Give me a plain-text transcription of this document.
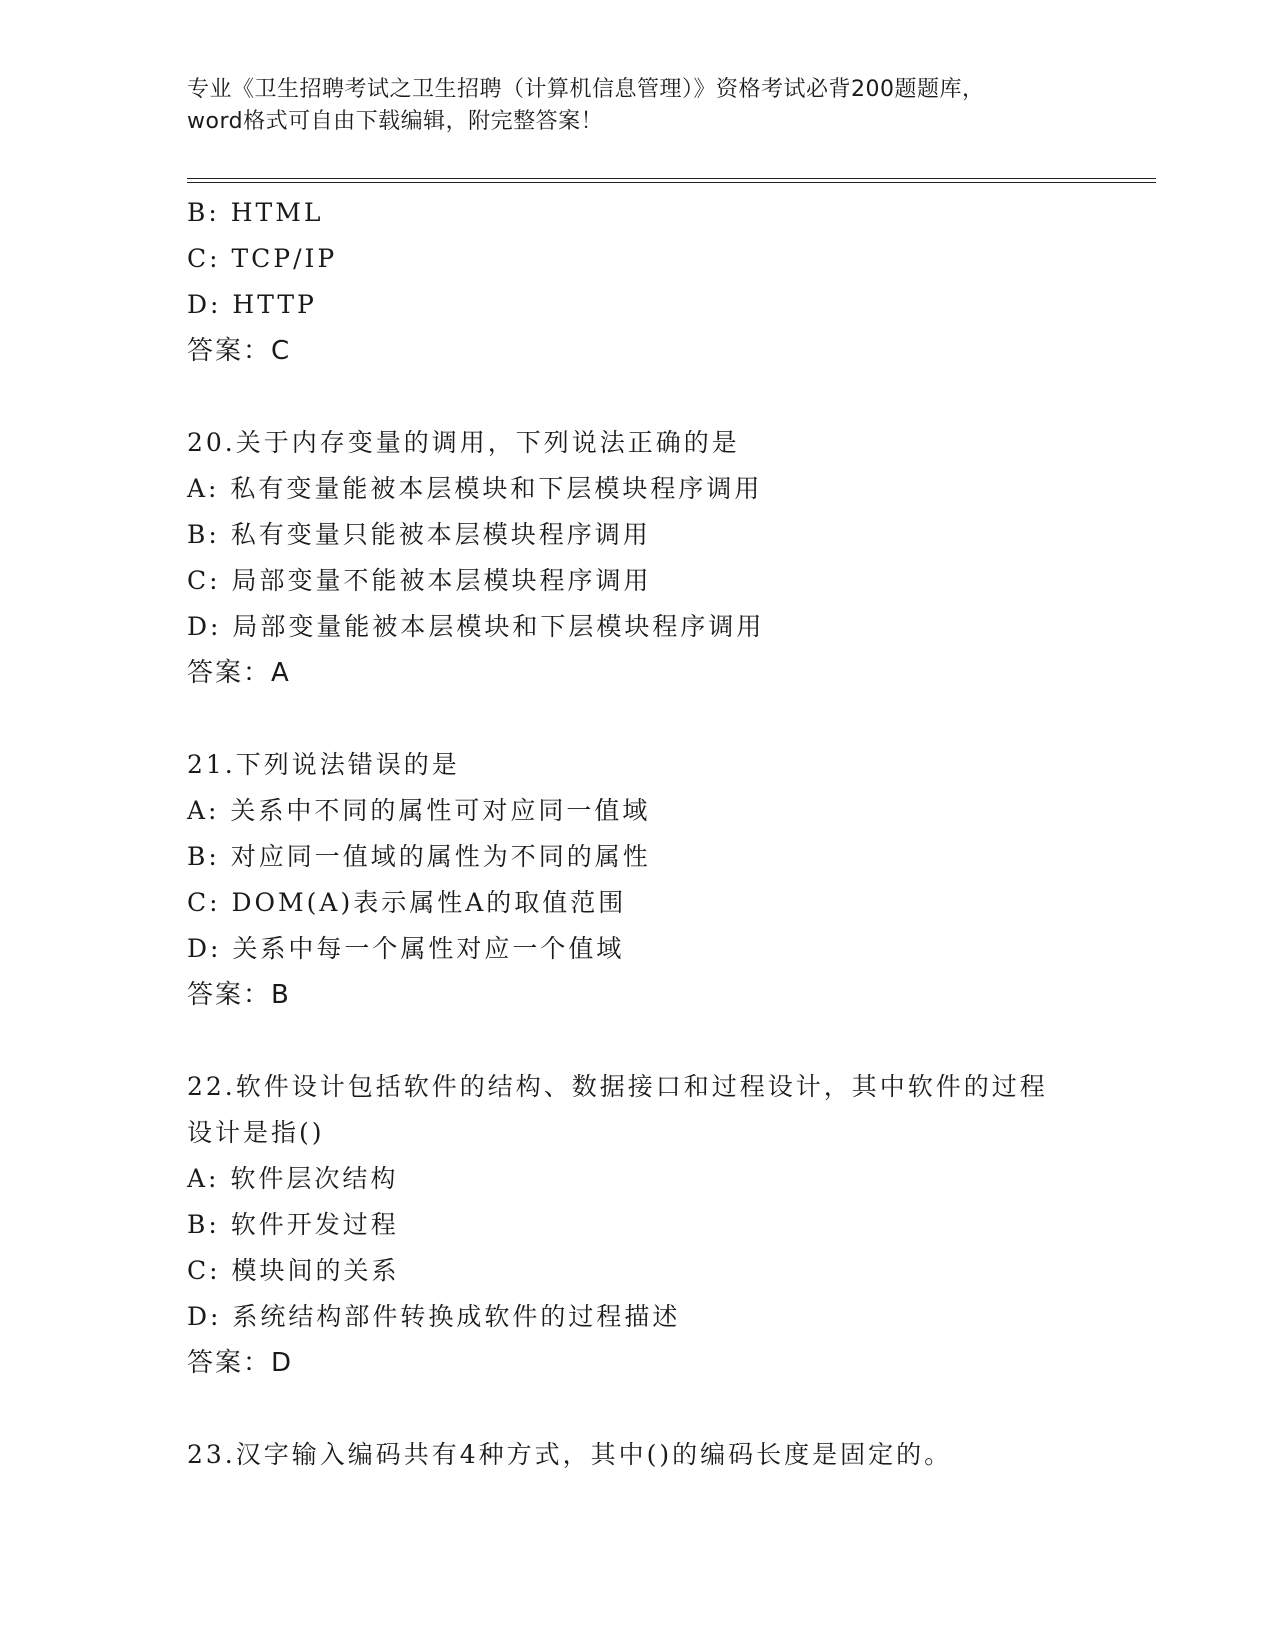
专业《卫生招聘考试之卫生招聘（计算机信息管理）》资格考试必背200题题库，
word格式可自由下载编辑，附完整答案！
B: HTML
C: TCP/IP
D: HTTP
答案：C
20.关于内存变量的调用，下列说法正确的是
A: 私有变量能被本层模块和下层模块程序调用
B: 私有变量只能被本层模块程序调用
C: 局部变量不能被本层模块程序调用
D: 局部变量能被本层模块和下层模块程序调用
答案：A
21.下列说法错误的是
A: 关系中不同的属性可对应同一值域
B: 对应同一值域的属性为不同的属性
C: DOM(A)表示属性A的取值范围
D: 关系中每一个属性对应一个值域
答案：B
22.软件设计包括软件的结构、数据接口和过程设计，其中软件的过程
设计是指()
A: 软件层次结构
B: 软件开发过程
C: 模块间的关系
D: 系统结构部件转换成软件的过程描述
答案：D
23.汉字输入编码共有4种方式，其中()的编码长度是固定的。
